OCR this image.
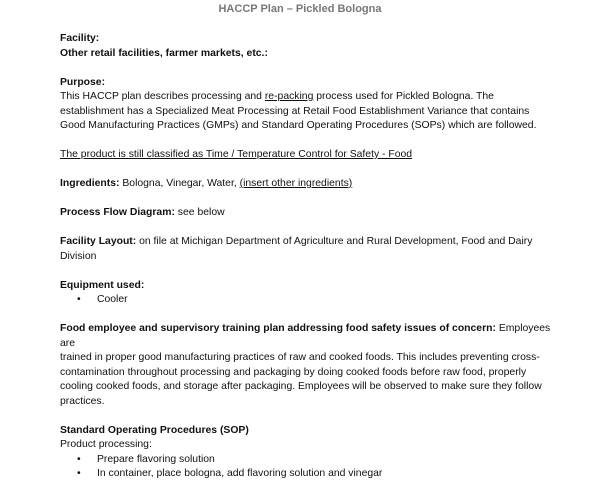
HACCP Plan – Pickled Bologna

Facility:

Other retail facilities, farmer markets, etc.:

Purpose:

This HACCP plan describes processing and re-packing process used for Pickled Bologna. The

establishment has a Specialized Meat Processing at Retail Food Establishment Variance that contains

Good Manufacturing Practices (GMPs) and Standard Operating Procedures (SOPs) which are followed.

The product is still classified as Time / Temperature Control for Safety - Food

Ingredients: Bologna, Vinegar, Water, (insert other ingredients)

Process Flow Diagram: see below

Facility Layout: on file at Michigan Department of Agriculture and Rural Development, Food and Dairy

Division

Equipment used:

• Cooler

Food employee and supervisory training plan addressing food safety issues of concern: Employees are

trained in proper good manufacturing practices of raw and cooked foods. This includes preventing cross-

contamination throughout processing and packaging by doing cooked foods before raw food, properly

cooling cooked foods, and storage after packaging. Employees will be observed to make sure they follow

practices.

Standard Operating Procedures (SOP)

Product processing:

• Prepare flavoring solution
• In container, place bologna, add flavoring solution and vinegar
